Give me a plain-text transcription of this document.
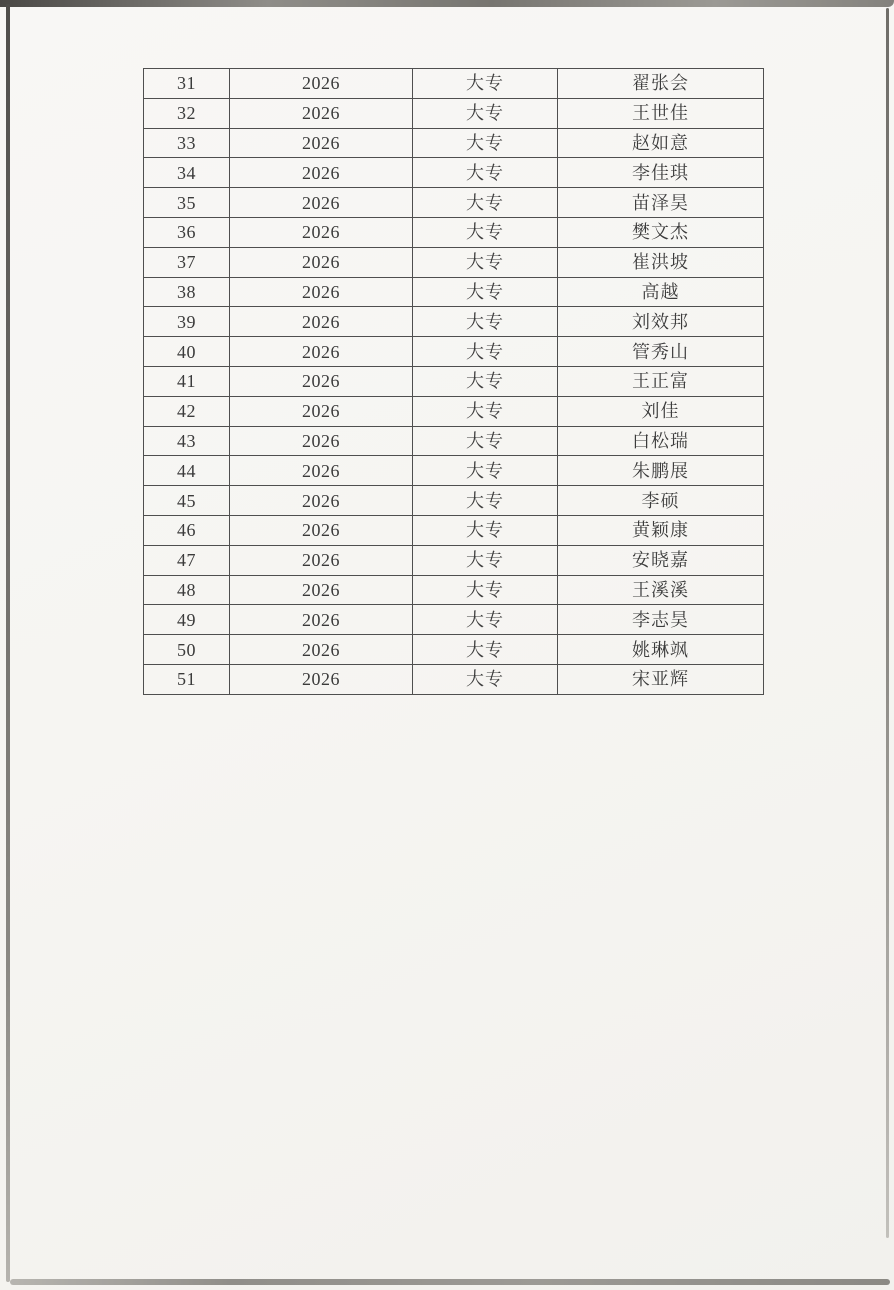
31	2026	大专	翟张会
32	2026	大专	王世佳
33	2026	大专	赵如意
34	2026	大专	李佳琪
35	2026	大专	苗泽昊
36	2026	大专	樊文杰
37	2026	大专	崔洪坡
38	2026	大专	高越
39	2026	大专	刘效邦
40	2026	大专	管秀山
41	2026	大专	王正富
42	2026	大专	刘佳
43	2026	大专	白松瑞
44	2026	大专	朱鹏展
45	2026	大专	李硕
46	2026	大专	黄颖康
47	2026	大专	安晓嘉
48	2026	大专	王溪溪
49	2026	大专	李志昊
50	2026	大专	姚琳飒
51	2026	大专	宋亚辉
